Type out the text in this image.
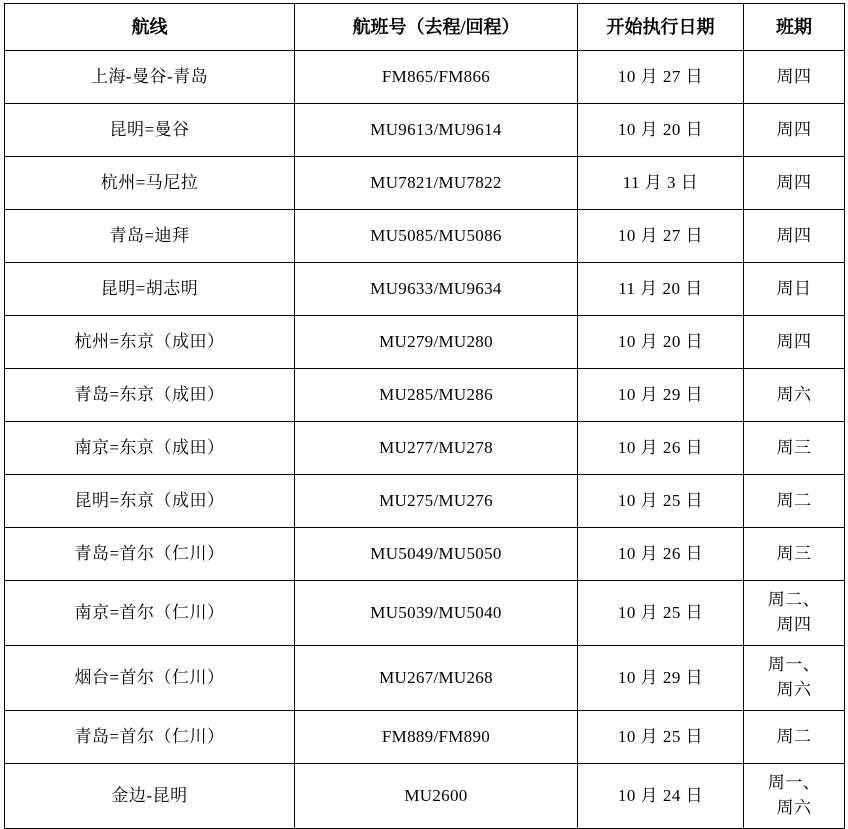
航线	航班号（去程/回程）	开始执行日期	班期
上海-曼谷-青岛	FM865/FM866	10 月 27 日	周四

昆明=曼谷	MU9613/MU9614	10 月 20 日	周四

杭州=马尼拉	MU7821/MU7822	11 月 3 日	周四

青岛=迪拜	MU5085/MU5086	10 月 27 日	周四

昆明=胡志明	MU9633/MU9634	11 月 20 日	周日

杭州=东京（成田）	MU279/MU280	10 月 20 日	周四

青岛=东京（成田）	MU285/MU286	10 月 29 日	周六

南京=东京（成田）	MU277/MU278	10 月 26 日	周三

昆明=东京（成田）	MU275/MU276	10 月 25 日	周二

青岛=首尔（仁川）	MU5049/MU5050	10 月 26 日	周三

南京=首尔（仁川）	MU5039/MU5040	10 月 25 日	周二、
周四

烟台=首尔（仁川）	MU267/MU268	10 月 29 日	周一、
周六

青岛=首尔（仁川）	FM889/FM890	10 月 25 日	周二

金边-昆明	MU2600	10 月 24 日	周一、
周六
